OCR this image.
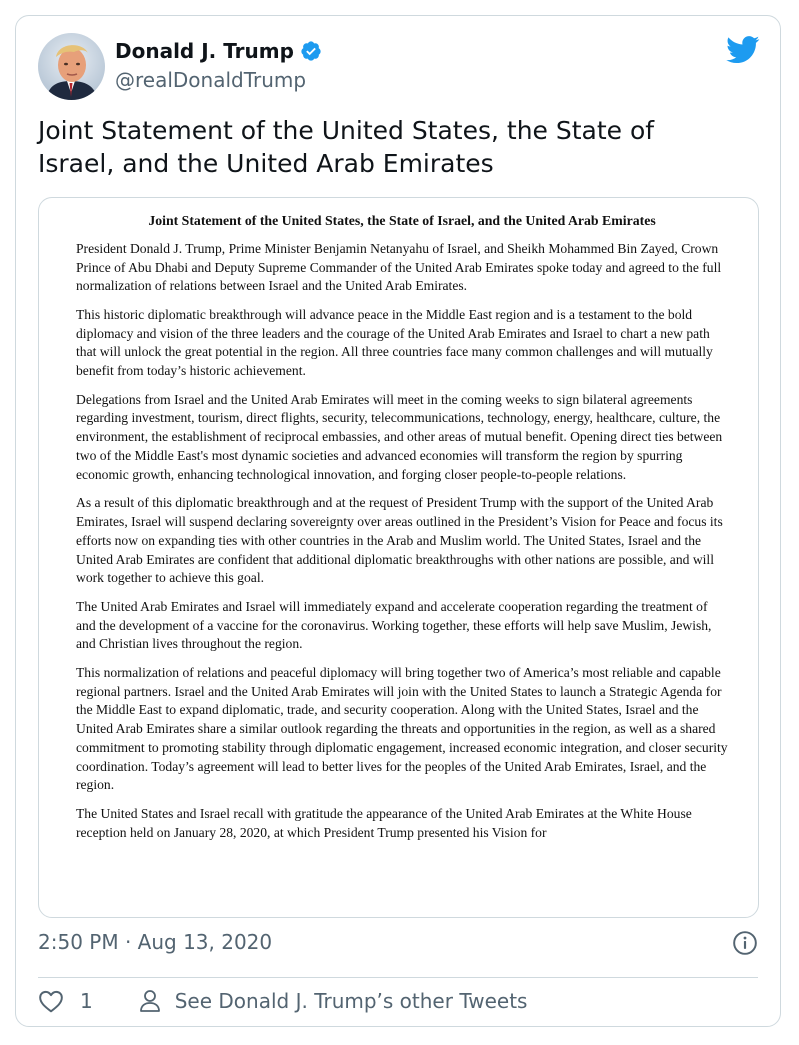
Donald J. Trump
@realDonaldTrump
Joint Statement of the United States, the State of Israel, and the United Arab Emirates
Joint Statement of the United States, the State of Israel, and the United Arab Emirates

President Donald J. Trump, Prime Minister Benjamin Netanyahu of Israel, and Sheikh Mohammed Bin Zayed, Crown Prince of Abu Dhabi and Deputy Supreme Commander of the United Arab Emirates spoke today and agreed to the full normalization of relations between Israel and the United Arab Emirates.

This historic diplomatic breakthrough will advance peace in the Middle East region and is a testament to the bold diplomacy and vision of the three leaders and the courage of the United Arab Emirates and Israel to chart a new path that will unlock the great potential in the region. All three countries face many common challenges and will mutually benefit from today’s historic achievement.

Delegations from Israel and the United Arab Emirates will meet in the coming weeks to sign bilateral agreements regarding investment, tourism, direct flights, security, telecommunications, technology, energy, healthcare, culture, the environment, the establishment of reciprocal embassies, and other areas of mutual benefit. Opening direct ties between two of the Middle East's most dynamic societies and advanced economies will transform the region by spurring economic growth, enhancing technological innovation, and forging closer people-to-people relations.

As a result of this diplomatic breakthrough and at the request of President Trump with the support of the United Arab Emirates, Israel will suspend declaring sovereignty over areas outlined in the President’s Vision for Peace and focus its efforts now on expanding ties with other countries in the Arab and Muslim world. The United States, Israel and the United Arab Emirates are confident that additional diplomatic breakthroughs with other nations are possible, and will work together to achieve this goal.

The United Arab Emirates and Israel will immediately expand and accelerate cooperation regarding the treatment of and the development of a vaccine for the coronavirus. Working together, these efforts will help save Muslim, Jewish, and Christian lives throughout the region.

This normalization of relations and peaceful diplomacy will bring together two of America’s most reliable and capable regional partners. Israel and the United Arab Emirates will join with the United States to launch a Strategic Agenda for the Middle East to expand diplomatic, trade, and security cooperation. Along with the United States, Israel and the United Arab Emirates share a similar outlook regarding the threats and opportunities in the region, as well as a shared commitment to promoting stability through diplomatic engagement, increased economic integration, and closer security coordination. Today’s agreement will lead to better lives for the peoples of the United Arab Emirates, Israel, and the region.

The United States and Israel recall with gratitude the appearance of the United Arab Emirates at the White House reception held on January 28, 2020, at which President Trump presented his Vision for

2:50 PM · Aug 13, 2020
1	See Donald J. Trump’s other Tweets
